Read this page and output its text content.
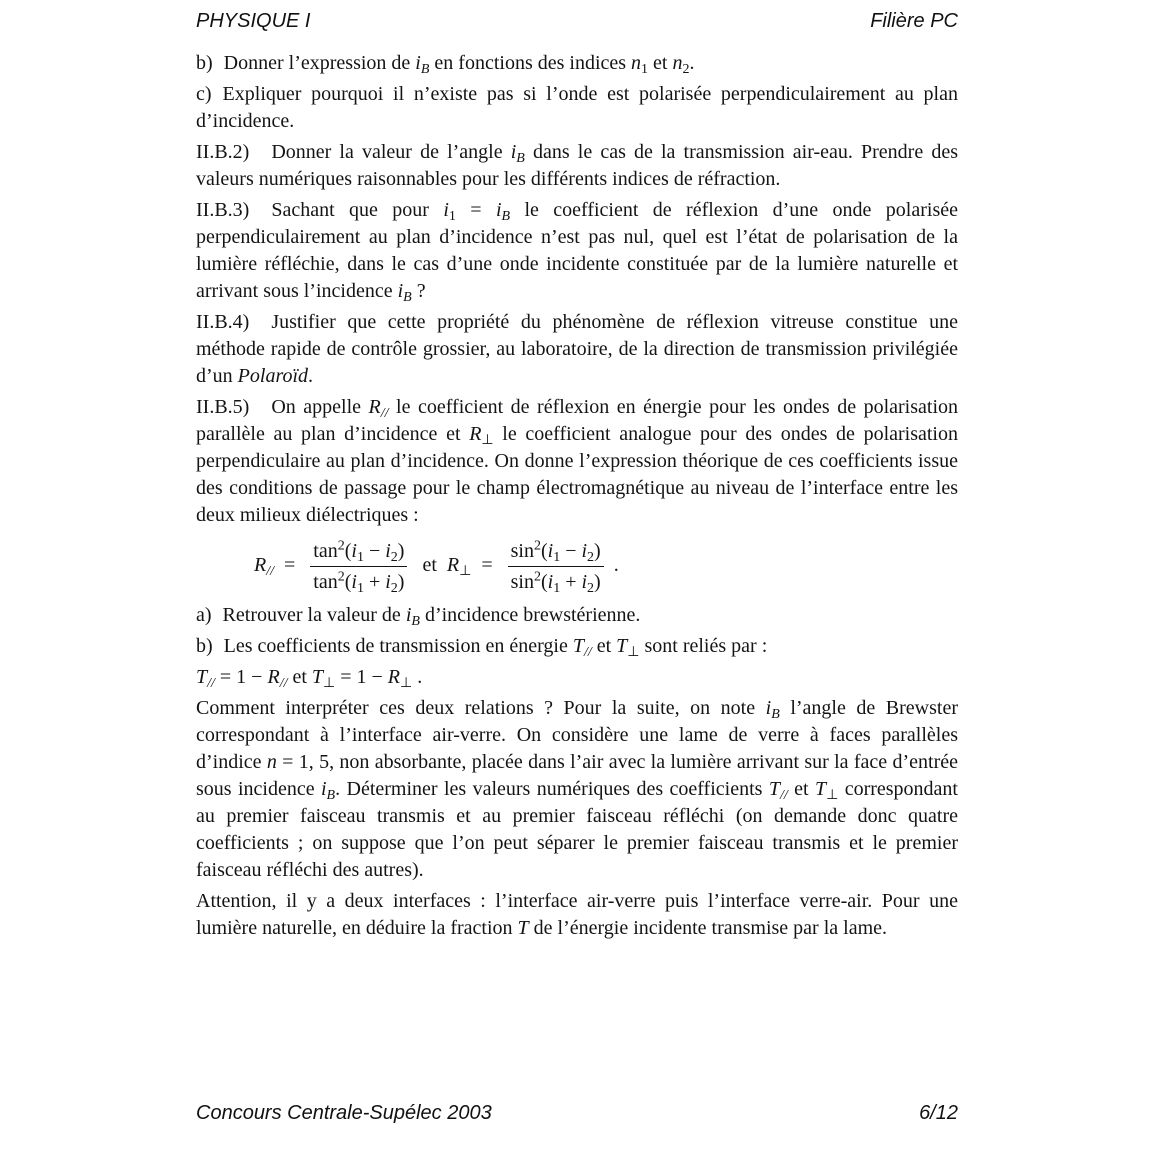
PHYSIQUE I	Filière PC

b) Donner l’expression de $i_B$ en fonctions des indices $n_1$ et $n_2$.

c) Expliquer pourquoi il n’existe pas si l’onde est polarisée perpendiculairement au plan d’incidence.

II.B.2) Donner la valeur de l’angle $i_B$ dans le cas de la transmission air-eau. Prendre des valeurs numériques raisonnables pour les différents indices de réfraction.

II.B.3) Sachant que pour $i_1 = i_B$ le coefficient de réflexion d’une onde polarisée perpendiculairement au plan d’incidence n’est pas nul, quel est l’état de polarisation de la lumière réfléchie, dans le cas d’une onde incidente constituée par de la lumière naturelle et arrivant sous l’incidence $i_B$ ?

II.B.4) Justifier que cette propriété du phénomène de réflexion vitreuse constitue une méthode rapide de contrôle grossier, au laboratoire, de la direction de transmission privilégiée d’un Polaroïd.

II.B.5) On appelle $R_{//}$ le coefficient de réflexion en énergie pour les ondes de polarisation parallèle au plan d’incidence et $R_\perp$ le coefficient analogue pour des ondes de polarisation perpendiculaire au plan d’incidence. On donne l’expression théorique de ces coefficients issue des conditions de passage pour le champ électromagnétique au niveau de l’interface entre les deux milieux diélectriques :

$R_{//} = \frac{\tan^2(i_1 - i_2)}{\tan^2(i_1 + i_2)}$ et  $R_\perp = \frac{\sin^2(i_1 - i_2)}{\sin^2(i_1 + i_2)}$ .

a) Retrouver la valeur de $i_B$ d’incidence brewstérienne.

b) Les coefficients de transmission en énergie $T_{//}$ et $T_\perp$ sont reliés par :

$T_{//} = 1 - R_{//}$ et $T_\perp = 1 - R_\perp$ .

Comment interpréter ces deux relations ? Pour la suite, on note $i_B$ l’angle de Brewster correspondant à l’interface air-verre. On considère une lame de verre à faces parallèles d’indice n = 1, 5, non absorbante, placée dans l’air avec la lumière arrivant sur la face d’entrée sous incidence $i_B$. Déterminer les valeurs numériques des coefficients $T_{//}$ et $T_\perp$ correspondant au premier faisceau transmis et au premier faisceau réfléchi (on demande donc quatre coefficients ; on suppose que l’on peut séparer le premier faisceau transmis et le premier faisceau réfléchi des autres).

Attention, il y a deux interfaces : l’interface air-verre puis l’interface verre-air. Pour une lumière naturelle, en déduire la fraction T de l’énergie incidente transmise par la lame.

Concours Centrale-Supélec 2003	6/12
